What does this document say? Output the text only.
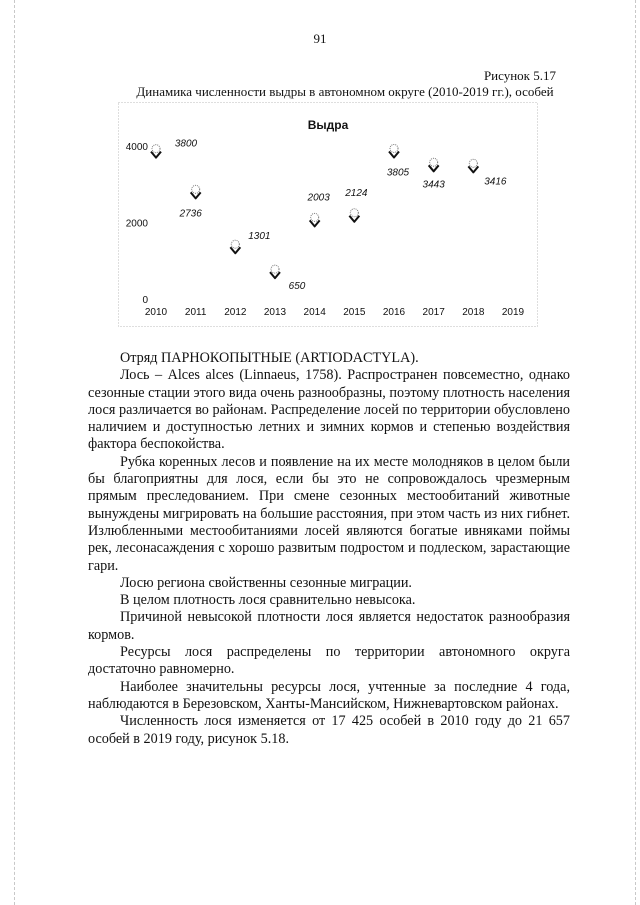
91
Рисунок 5.17
Динамика численности выдры в автономном округе (2010-2019 гг.), особей
Выдра
0
2000
4000
2010 2011 2012 2013 2014 2015 2016 2017 2018 2019
3800
2736
1301
650
2003 2124
3805
3443	3416

Отряд ПАРНОКОПЫТНЫЕ (ARTIODACTYLA).

Лось – Alces alces (Linnaeus, 1758). Распространен повсеместно, однако сезонные стации этого вида очень разнообразны, поэтому плотность населения лося различается во районам. Распределение лосей по территории обусловлено наличием и доступностью летних и зимних кормов и степенью воздействия фактора беспокойства.

Рубка коренных лесов и появление на их месте молодняков в целом были бы благоприятны для лося, если бы это не сопровождалось чрезмерным прямым преследованием. При смене сезонных местообитаний животные вынуждены мигрировать на большие расстояния, при этом часть из них гибнет. Излюбленными местообитаниями лосей являются богатые ивняками поймы рек, лесонасаждения с хорошо развитым подростом и подлеском, зарастающие гари.

Лосю региона свойственны сезонные миграции.

В целом плотность лося сравнительно невысока.

Причиной невысокой плотности лося является недостаток разнообразия кормов.

Ресурсы лося распределены по территории автономного округа достаточно равномерно.

Наиболее значительны ресурсы лося, учтенные за последние 4 года, наблюдаются в Березовском, Ханты-Мансийском, Нижневартовском районах.

Численность лося изменяется от 17 425 особей в 2010 году до 21 657 особей в 2019 году, рисунок 5.18.
